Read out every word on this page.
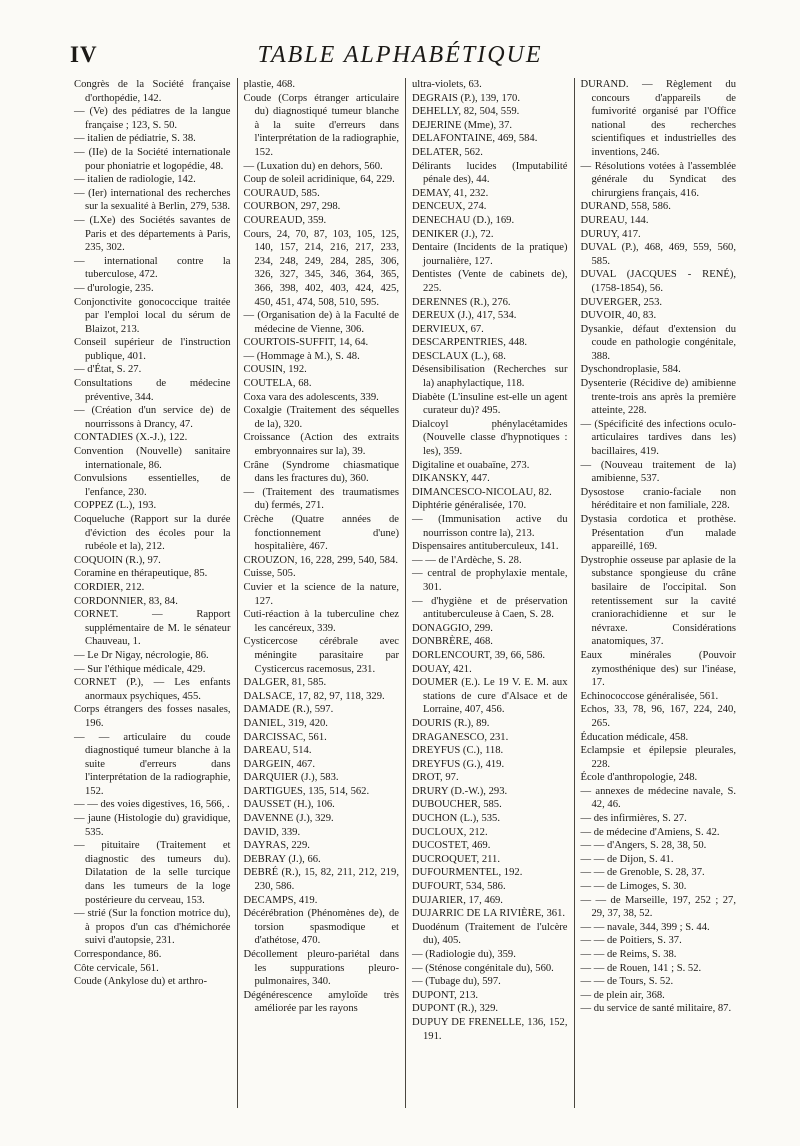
IV	TABLE ALPHABÉTIQUE

Congrès de la Société française d'orthopédie, 142.

— (Ve) des pédiatres de la langue française ; 123, S. 50.

— italien de pédiatrie, S. 38.

— (IIe) de la Société internationale pour phoniatrie et logopédie, 48.

— italien de radiologie, 142.

— (Ier) international des recherches sur la sexualité à Berlin, 279, 538.

— (LXe) des Sociétés savantes de Paris et des départements à Paris, 235, 302.

— international contre la tuberculose, 472.

— d'urologie, 235.

Conjonctivite gonococcique traitée par l'emploi local du sérum de Blaizot, 213.

Conseil supérieur de l'instruction publique, 401.

— d'État, S. 27.

Consultations de médecine préventive, 344.

— (Création d'un service de) de nourrissons à Drancy, 47.

CONTADIES (X.-J.), 122.

Convention (Nouvelle) sanitaire internationale, 86.

Convulsions essentielles, de l'enfance, 230.

COPPEZ (L.), 193.

Coqueluche (Rapport sur la durée d'éviction des écoles pour la rubéole et la), 212.

COQUOIN (R.), 97.

Coramine en thérapeutique, 85.

CORDIER, 212.

CORDONNIER, 83, 84.

CORNET. — Rapport supplémentaire de M. le sénateur Chauveau, 1.

— Le Dr Nigay, nécrologie, 86.

— Sur l'éthique médicale, 429.

CORNET (P.), — Les enfants anormaux psychiques, 455.

Corps étrangers des fosses nasales, 196.

— — articulaire du coude diagnostiqué tumeur blanche à la suite d'erreurs dans l'interprétation de la radiographie, 152.

— — des voies digestives, 16, 566, .

— jaune (Histologie du) gravidique, 535.

— pituitaire (Traitement et diagnostic des tumeurs du). Dilatation de la selle turcique dans les tumeurs de la loge postérieure du cerveau, 153.

— strié (Sur la fonction motrice du), à propos d'un cas d'hémichorée suivi d'autopsie, 231.

Correspondance, 86.

Côte cervicale, 561.

Coude (Ankylose du) et arthro-

plastie, 468.

Coude (Corps étranger articulaire du) diagnostiqué tumeur blanche à la suite d'erreurs dans l'interprétation de la radiographie, 152.

— (Luxation du) en dehors, 560.

Coup de soleil acridinique, 64, 229.

COURAUD, 585.

COURBON, 297, 298.

COUREAUD, 359.

Cours, 24, 70, 87, 103, 105, 125, 140, 157, 214, 216, 217, 233, 234, 248, 249, 284, 285, 306, 326, 327, 345, 346, 364, 365, 366, 398, 402, 403, 424, 425, 450, 451, 474, 508, 510, 595.

— (Organisation de) à la Faculté de médecine de Vienne, 306.

COURTOIS-SUFFIT, 14, 64.

— (Hommage à M.), S. 48.

COUSIN, 192.

COUTELA, 68.

Coxa vara des adolescents, 339.

Coxalgie (Traitement des séquelles de la), 320.

Croissance (Action des extraits embryonnaires sur la), 39.

Crâne (Syndrome chiasmatique dans les fractures du), 360.

— (Traitement des traumatismes du) fermés, 271.

Crèche (Quatre années de fonctionnement d'une) hospitalière, 467.

CROUZON, 16, 228, 299, 540, 584.

Cuisse, 505.

Cuvier et la science de la nature, 127.

Cuti-réaction à la tuberculine chez les cancéreux, 339.

Cysticercose cérébrale avec méningite parasitaire par Cysticercus racemosus, 231.

DALGER, 81, 585.

DALSACE, 17, 82, 97, 118, 329.

DAMADE (R.), 597.

DANIEL, 319, 420.

DARCISSAC, 561.

DAREAU, 514.

DARGEIN, 467.

DARQUIER (J.), 583.

DARTIGUES, 135, 514, 562.

DAUSSET (H.), 106.

DAVENNE (J.), 329.

DAVID, 339.

DAYRAS, 229.

DEBRAY (J.), 66.

DEBRÉ (R.), 15, 82, 211, 212, 219, 230, 586.

DECAMPS, 419.

Décérébration (Phénomènes de), de torsion spasmodique et d'athétose, 470.

Décollement pleuro-pariétal dans les suppurations pleuro-pulmonaires, 340.

Dégénérescence amyloïde très améliorée par les rayons

ultra-violets, 63.

DEGRAIS (P.), 139, 170.

DEHELLY, 82, 504, 559.

DEJERINE (Mme), 37.

DELAFONTAINE, 469, 584.

DELATER, 562.

Délirants lucides (Imputabilité pénale des), 44.

DEMAY, 41, 232.

DENCEUX, 274.

DENECHAU (D.), 169.

DENIKER (J.), 72.

Dentaire (Incidents de la pratique) journalière, 127.

Dentistes (Vente de cabinets de), 225.

DERENNES (R.), 276.

DEREUX (J.), 417, 534.

DERVIEUX, 67.

DESCARPENTRIES, 448.

DESCLAUX (L.), 68.

Désensibilisation (Recherches sur la) anaphylactique, 118.

Diabète (L'insuline est-elle un agent curateur du)? 495.

Dialcoyl phénylacétamides (Nouvelle classe d'hypnotiques : les), 359.

Digitaline et ouabaïne, 273.

DIKANSKY, 447.

DIMANCESCO-NICOLAU, 82.

Diphtérie généralisée, 170.

— (Immunisation active du nourrisson contre la), 213.

Dispensaires antituberculeux, 141.

— — de l'Ardèche, S. 28.

— central de prophylaxie mentale, 301.

— d'hygiène et de préservation antituberculeuse à Caen, S. 28.

DONAGGIO, 299.

DONBRÈRE, 468.

DORLENCOURT, 39, 66, 586.

DOUAY, 421.

DOUMER (E.). Le 19 V. E. M. aux stations de cure d'Alsace et de Lorraine, 407, 456.

DOURIS (R.), 89.

DRAGANESCO, 231.

DREYFUS (C.), 118.

DREYFUS (G.), 419.

DROT, 97.

DRURY (D.-W.), 293.

DUBOUCHER, 585.

DUCHON (L.), 535.

DUCLOUX, 212.

DUCOSTET, 469.

DUCROQUET, 211.

DUFOURMENTEL, 192.

DUFOURT, 534, 586.

DUJARIER, 17, 469.

DUJARRIC DE LA RIVIÈRE, 361.

Duodénum (Traitement de l'ulcère du), 405.

— (Radiologie du), 359.

— (Sténose congénitale du), 560.

— (Tubage du), 597.

DUPONT, 213.

DUPONT (R.), 329.

DUPUY DE FRENELLE, 136, 152, 191.

DURAND. — Règlement du concours d'appareils de fumivorité organisé par l'Office national des recherches scientifiques et industrielles des inventions, 246.

— Résolutions votées à l'assemblée générale du Syndicat des chirurgiens français, 416.

DURAND, 558, 586.

DUREAU, 144.

DURUY, 417.

DUVAL (P.), 468, 469, 559, 560, 585.

DUVAL (JACQUES - RENÉ), (1758-1854), 56.

DUVERGER, 253.

DUVOIR, 40, 83.

Dysankie, défaut d'extension du coude en pathologie congénitale, 388.

Dyschondroplasie, 584.

Dysenterie (Récidive de) amibienne trente-trois ans après la première atteinte, 228.

— (Spécificité des infections oculo-articulaires tardives dans les) bacillaires, 419.

— (Nouveau traitement de la) amibienne, 537.

Dysostose cranio-faciale non héréditaire et non familiale, 228.

Dystasia cordotica et prothèse. Présentation d'un malade appareillé, 169.

Dystrophie osseuse par aplasie de la substance spongieuse du crâne basilaire de l'occipital. Son retentissement sur la cavité craniorachidienne et sur le névraxe. Considérations anatomiques, 37.

Eaux minérales (Pouvoir zymosthénique des) sur l'inéase, 17.

Echinococcose généralisée, 561.

Echos, 33, 78, 96, 167, 224, 240, 265.

Éducation médicale, 458.

Eclampsie et épilepsie pleurales, 228.

École d'anthropologie, 248.

— annexes de médecine navale, S. 42, 46.

— des infirmières, S. 27.

— de médecine d'Amiens, S. 42.

— — d'Angers, S. 28, 38, 50.

— — de Dijon, S. 41.

— — de Grenoble, S. 28, 37.

— — de Limoges, S. 30.

— — de Marseille, 197, 252 ; 27, 29, 37, 38, 52.

— — navale, 344, 399 ; S. 44.

— — de Poitiers, S. 37.

— — de Reims, S. 38.

— — de Rouen, 141 ; S. 52.

— — de Tours, S. 52.

— de plein air, 368.

— du service de santé militaire, 87.
